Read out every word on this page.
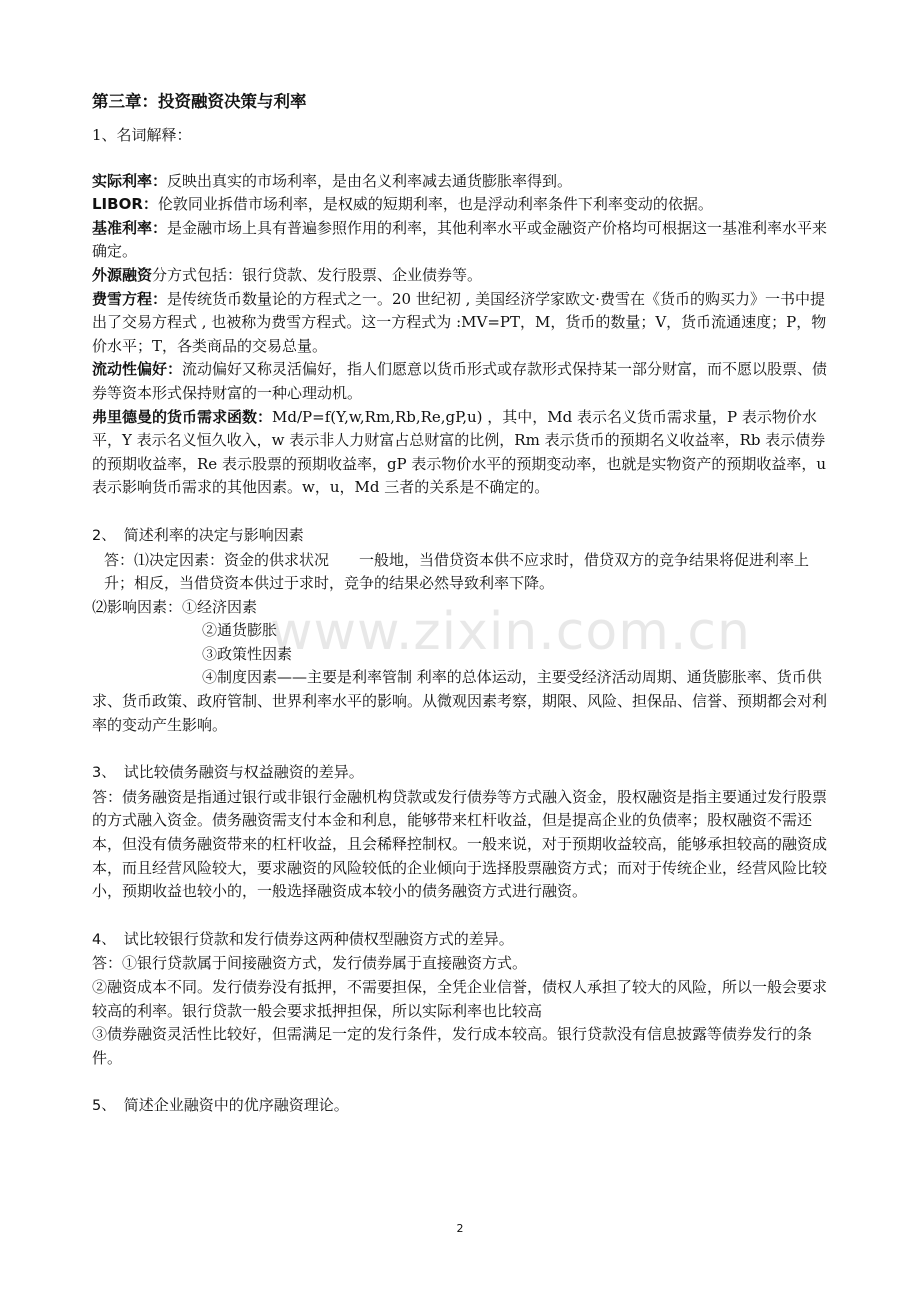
www.zixin.com.cn
第三章：投资融资决策与利率

1、名词解释：

实际利率：反映出真实的市场利率，是由名义利率减去通货膨胀率得到。

LIBOR：伦敦同业拆借市场利率，是权威的短期利率，也是浮动利率条件下利率变动的依据。

基准利率：是金融市场上具有普遍参照作用的利率，其他利率水平或金融资产价格均可根据这一基准利率水平来确定。

外源融资分方式包括：银行贷款、发行股票、企业债券等。

费雪方程：是传统货币数量论的方程式之一。20 世纪初 , 美国经济学家欧文·费雪在《货币的购买力》一书中提出了交易方程式 , 也被称为费雪方程式。这一方程式为 :MV=PT，M，货币的数量；V，货币流通速度；P，物价水平；T，各类商品的交易总量。

流动性偏好：流动偏好又称灵活偏好，指人们愿意以货币形式或存款形式保持某一部分财富，而不愿以股票、债券等资本形式保持财富的一种心理动机。

弗里德曼的货币需求函数：Md/P=f(Y,w,Rm,Rb,Re,gP,u) ，其中，Md 表示名义货币需求量，P 表示物价水平，Y 表示名义恒久收入，w 表示非人力财富占总财富的比例，Rm 表示货币的预期名义收益率，Rb 表示债券的预期收益率，Re 表示股票的预期收益率，gP 表示物价水平的预期变动率，也就是实物资产的预期收益率，u 表示影响货币需求的其他因素。w，u，Md 三者的关系是不确定的。

2、 简述利率的决定与影响因素

答：⑴决定因素：资金的供求状况　　一般地，当借贷资本供不应求时，借贷双方的竞争结果将促进利率上升；相反，当借贷资本供过于求时，竞争的结果必然导致利率下降。

⑵影响因素：①经济因素

②通货膨胀

③政策性因素

④制度因素——主要是利率管制 利率的总体运动，主要受经济活动周期、通货膨胀率、货币供求、货币政策、政府管制、世界利率水平的影响。从微观因素考察，期限、风险、担保品、信誉、预期都会对利率的变动产生影响。

3、 试比较债务融资与权益融资的差异。

答：债务融资是指通过银行或非银行金融机构贷款或发行债券等方式融入资金，股权融资是指主要通过发行股票的方式融入资金。债务融资需支付本金和利息，能够带来杠杆收益，但是提高企业的负债率；股权融资不需还本，但没有债务融资带来的杠杆收益，且会稀释控制权。一般来说，对于预期收益较高，能够承担较高的融资成本，而且经营风险较大，要求融资的风险较低的企业倾向于选择股票融资方式；而对于传统企业，经营风险比较小，预期收益也较小的，一般选择融资成本较小的债务融资方式进行融资。

4、 试比较银行贷款和发行债券这两种债权型融资方式的差异。

答：①银行贷款属于间接融资方式，发行债券属于直接融资方式。

②融资成本不同。发行债券没有抵押，不需要担保，全凭企业信誉，债权人承担了较大的风险，所以一般会要求较高的利率。银行贷款一般会要求抵押担保，所以实际利率也比较高

③债券融资灵活性比较好，但需满足一定的发行条件，发行成本较高。银行贷款没有信息披露等债券发行的条件。

5、 简述企业融资中的优序融资理论。

2
